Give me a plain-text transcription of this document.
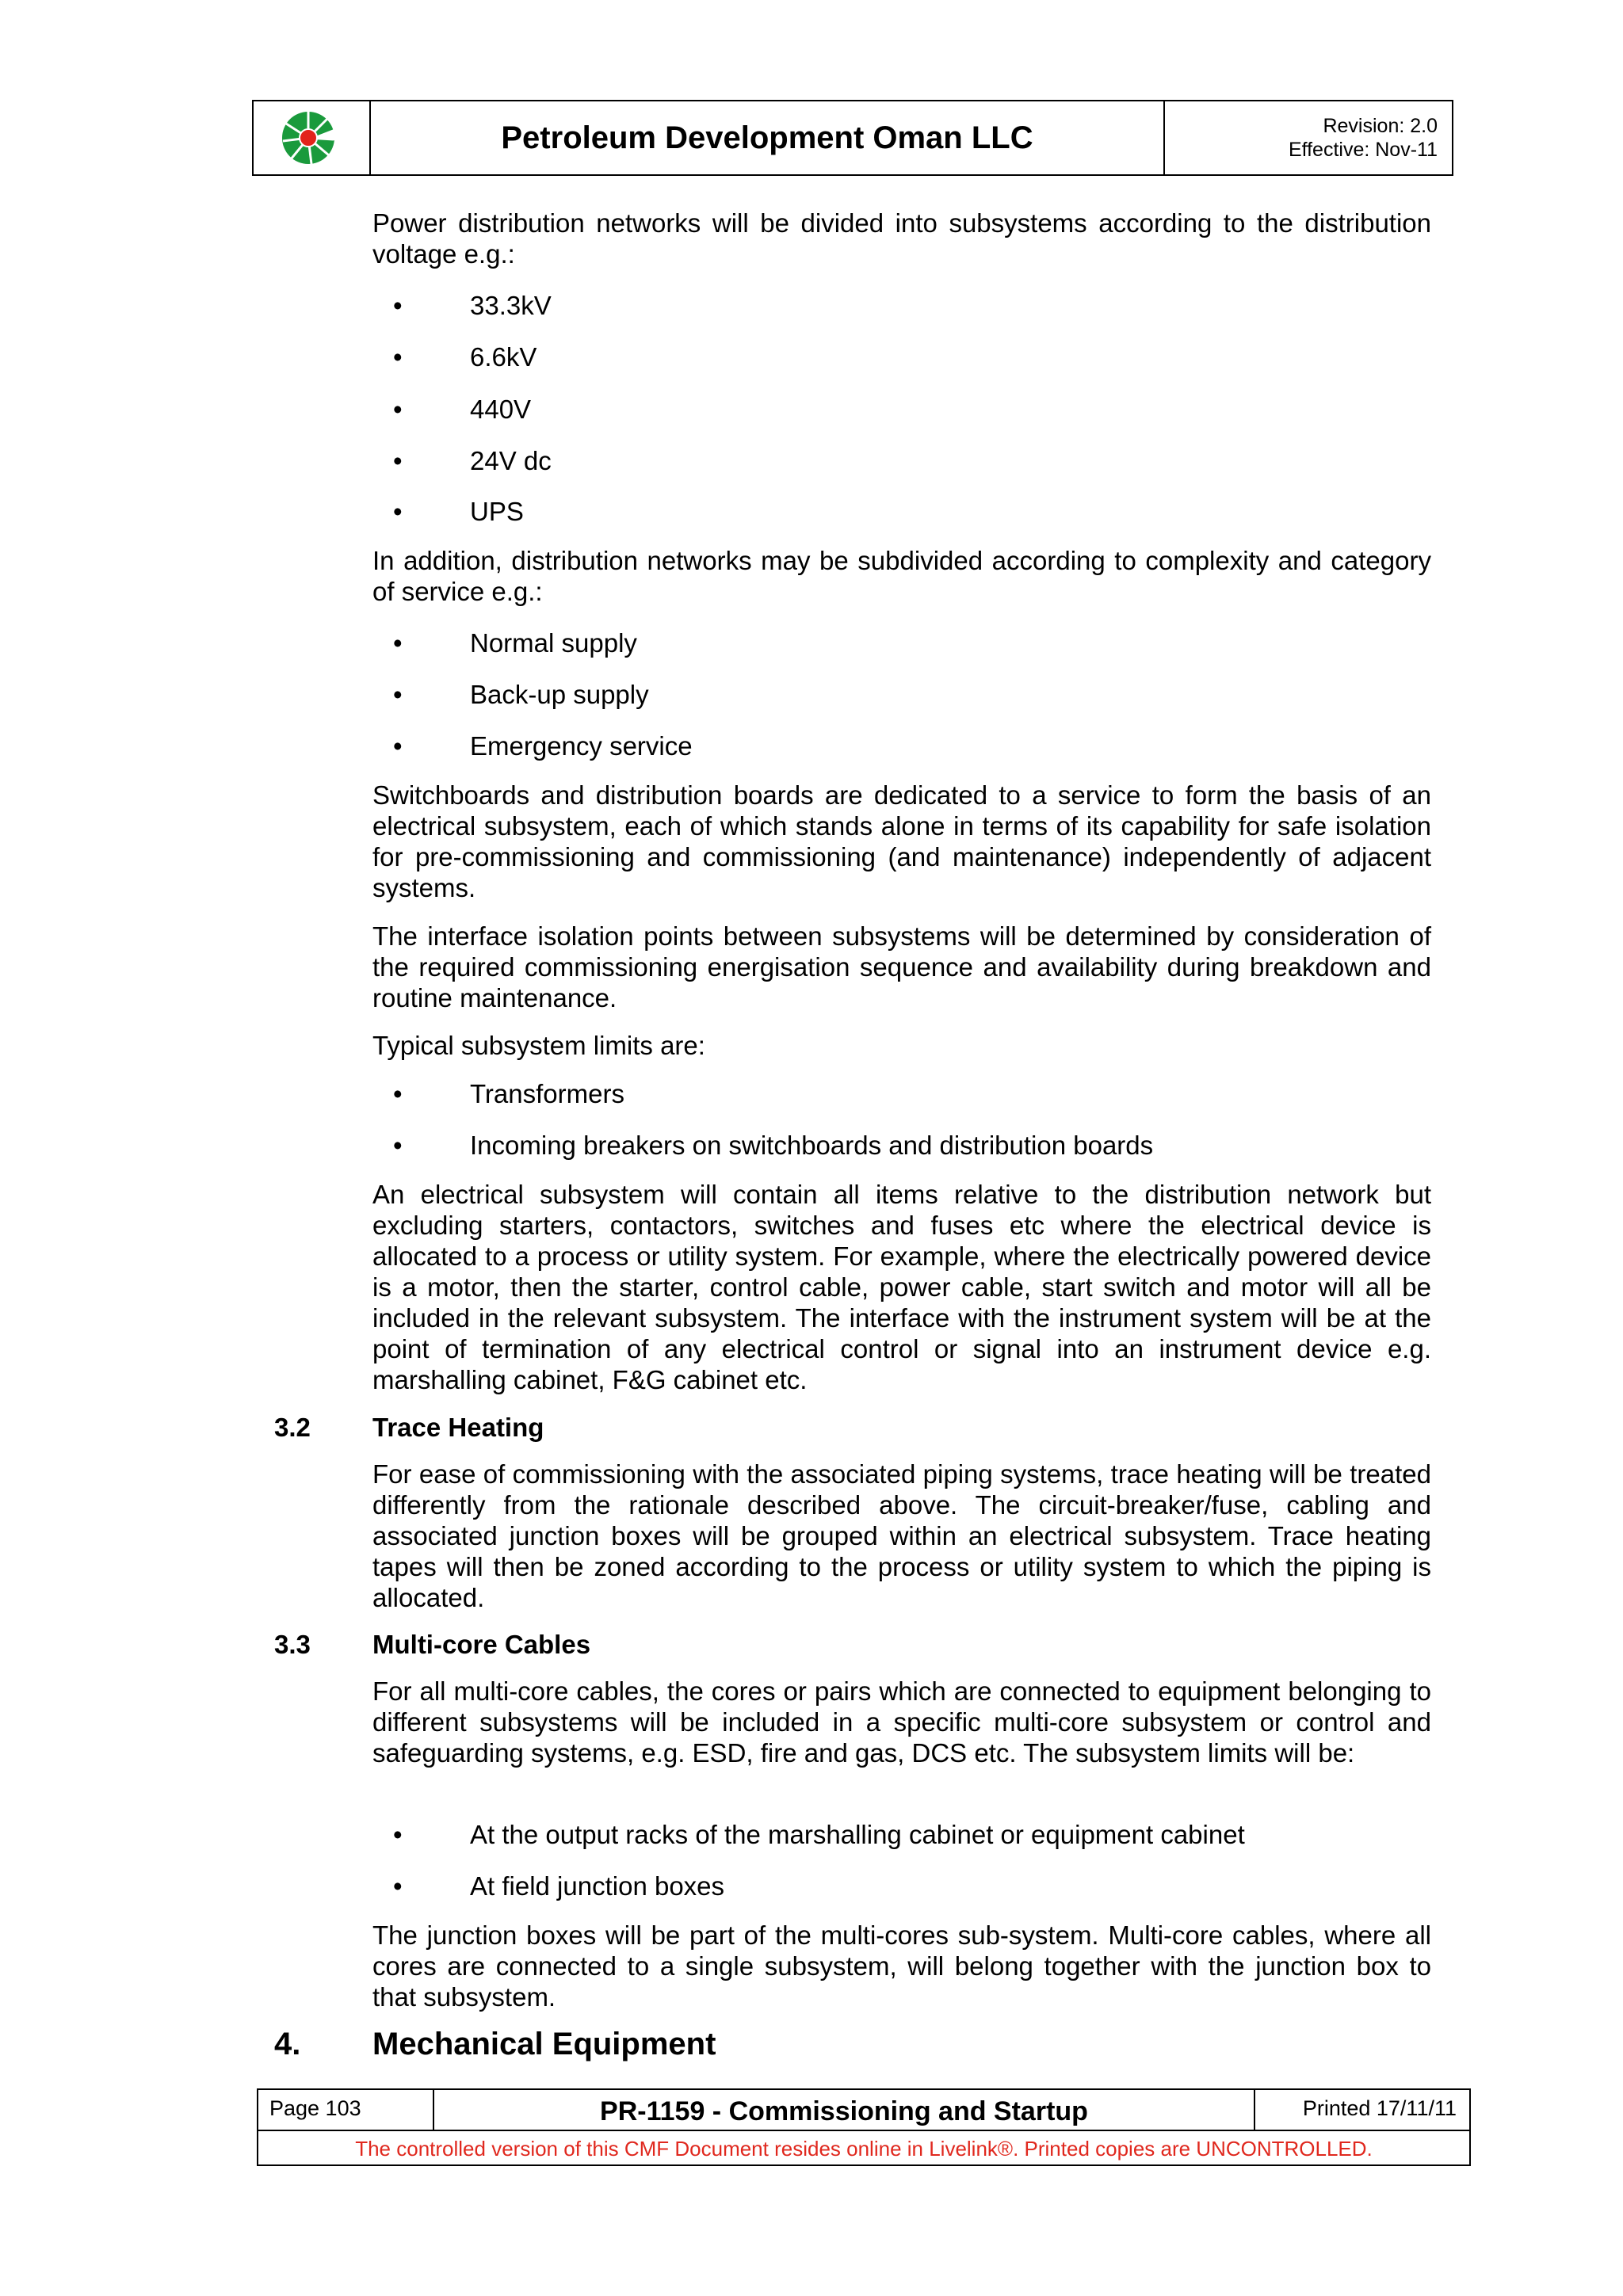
Petroleum Development Oman LLC	Revision: 2.0
Effective: Nov-11

Power distribution networks will be divided into subsystems according to the distribution voltage e.g.:

•	33.3kV
•	6.6kV
•	440V
•	24V dc
•	UPS

In addition, distribution networks may be subdivided according to complexity and category of service e.g.:

•	Normal supply
•	Back-up supply
•	Emergency service

Switchboards and distribution boards are dedicated to a service to form the basis of an electrical subsystem, each of which stands alone in terms of its capability for safe isolation for pre-commissioning and commissioning (and maintenance) independently of adjacent systems.

The interface isolation points between subsystems will be determined by consideration of the required commissioning energisation sequence and availability during breakdown and routine maintenance.

Typical subsystem limits are:

•	Transformers
•	Incoming breakers on switchboards and distribution boards

An electrical subsystem will contain all items relative to the distribution network but excluding starters, contactors, switches and fuses etc where the electrical device is allocated to a process or utility system. For example, where the electrically powered device is a motor, then the starter, control cable, power cable, start switch and motor will all be included in the relevant subsystem. The interface with the instrument system will be at the point of termination of any electrical control or signal into an instrument device e.g. marshalling cabinet, F&G cabinet etc.

3.2 Trace Heating

For ease of commissioning with the associated piping systems, trace heating will be treated differently from the rationale described above. The circuit-breaker/fuse, cabling and associated junction boxes will be grouped within an electrical subsystem. Trace heating tapes will then be zoned according to the process or utility system to which the piping is allocated.

3.3 Multi-core Cables

For all multi-core cables, the cores or pairs which are connected to equipment belonging to different subsystems will be included in a specific multi-core subsystem or control and safeguarding systems, e.g. ESD, fire and gas, DCS etc. The subsystem limits will be:

•	At the output racks of the marshalling cabinet or equipment cabinet
•	At field junction boxes

The junction boxes will be part of the multi-cores sub-system. Multi-core cables, where all cores are connected to a single subsystem, will belong together with the junction box to that subsystem.

4. Mechanical Equipment
Page 103	PR-1159 - Commissioning and Startup	Printed 17/11/11
The controlled version of this CMF Document resides online in Livelink®. Printed copies are UNCONTROLLED.
